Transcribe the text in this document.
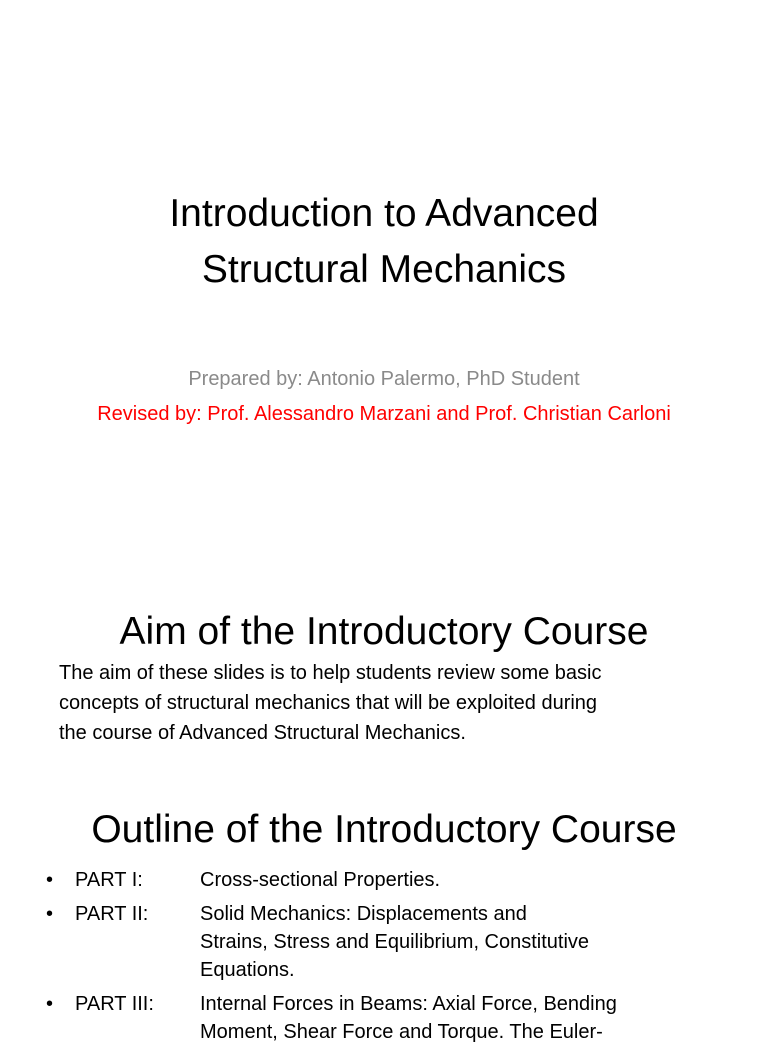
Introduction to Advanced
Structural Mechanics
Prepared by: Antonio Palermo, PhD Student
Revised by: Prof. Alessandro Marzani and Prof. Christian Carloni
Aim of the Introductory Course
The aim of these slides is to help students review some basic
concepts of structural mechanics that will be exploited during
the course of Advanced Structural Mechanics.
Outline of the Introductory Course
• PART I:	Cross-sectional Properties.
• PART II:	Solid Mechanics: Displacements and
Strains, Stress and Equilibrium, Constitutive
Equations.
• PART III: Internal Forces in Beams: Axial Force, Bending
Moment, Shear Force and Torque. The Euler-
